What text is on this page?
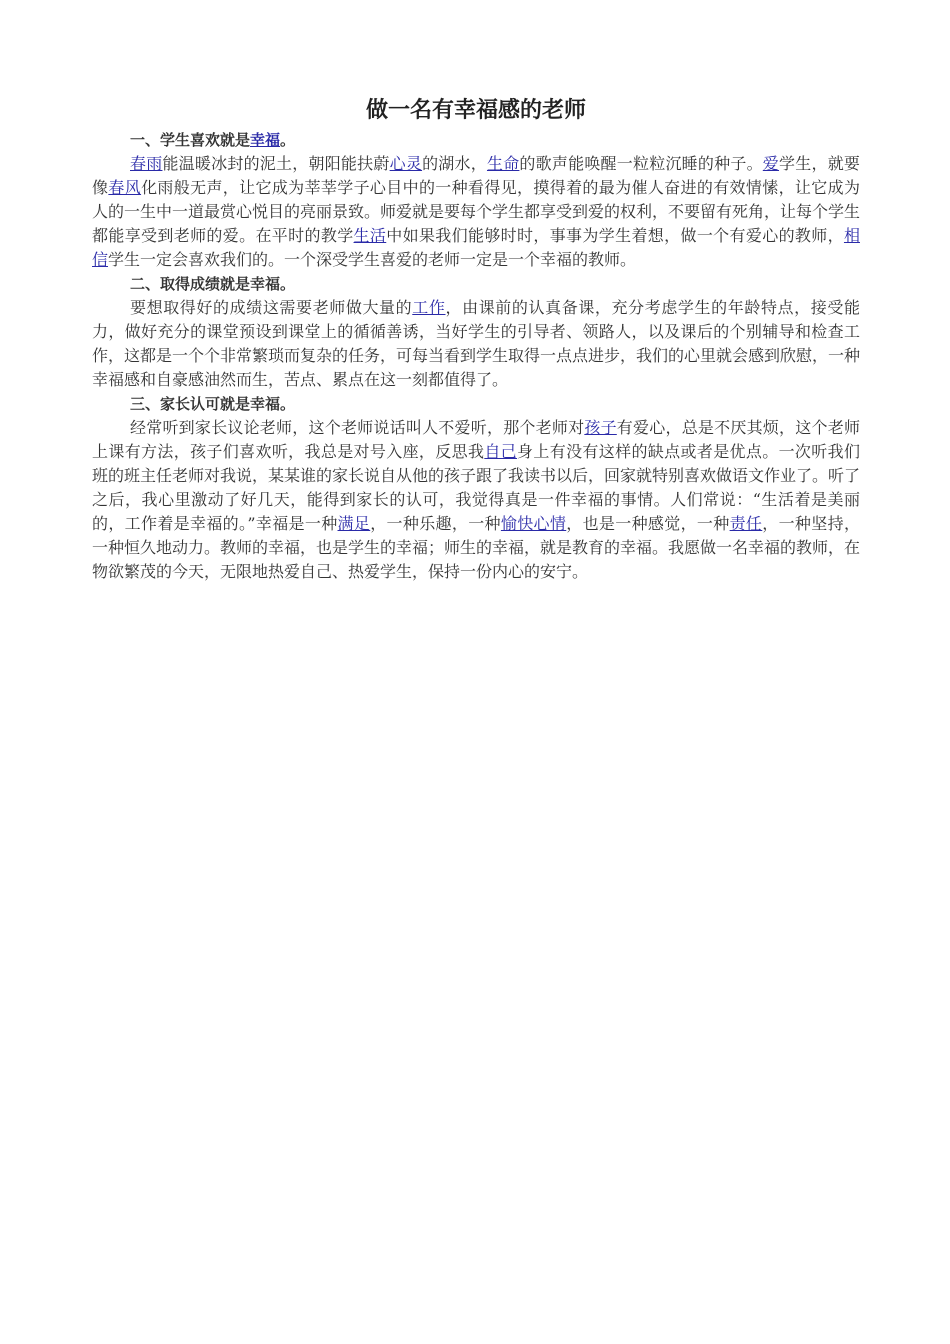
做一名有幸福感的老师

一、学生喜欢就是幸福。

春雨能温暖冰封的泥土，朝阳能扶蔚心灵的湖水，生命的歌声能唤醒一粒粒沉睡的种子。爱学生，就要像春风化雨般无声，让它成为莘莘学子心目中的一种看得见，摸得着的最为催人奋进的有效情愫，让它成为人的一生中一道最赏心悦目的亮丽景致。师爱就是要每个学生都享受到爱的权利，不要留有死角，让每个学生都能享受到老师的爱。在平时的教学生活中如果我们能够时时，事事为学生着想，做一个有爱心的教师，相信学生一定会喜欢我们的。一个深受学生喜爱的老师一定是一个幸福的教师。

二、取得成绩就是幸福。

要想取得好的成绩这需要老师做大量的工作，由课前的认真备课，充分考虑学生的年龄特点，接受能力，做好充分的课堂预设到课堂上的循循善诱，当好学生的引导者、领路人，以及课后的个别辅导和检查工作，这都是一个个非常繁琐而复杂的任务，可每当看到学生取得一点点进步，我们的心里就会感到欣慰，一种幸福感和自豪感油然而生，苦点、累点在这一刻都值得了。

三、家长认可就是幸福。

经常听到家长议论老师，这个老师说话叫人不爱听，那个老师对孩子有爱心，总是不厌其烦，这个老师上课有方法，孩子们喜欢听，我总是对号入座，反思我自己身上有没有这样的缺点或者是优点。一次听我们班的班主任老师对我说，某某谁的家长说自从他的孩子跟了我读书以后，回家就特别喜欢做语文作业了。听了之后，我心里激动了好几天，能得到家长的认可，我觉得真是一件幸福的事情。人们常说：“生活着是美丽的，工作着是幸福的。”幸福是一种满足，一种乐趣，一种愉快心情，也是一种感觉，一种责任，一种坚持，一种恒久地动力。教师的幸福，也是学生的幸福；师生的幸福，就是教育的幸福。我愿做一名幸福的教师，在物欲繁茂的今天，无限地热爱自己、热爱学生，保持一份内心的安宁。
